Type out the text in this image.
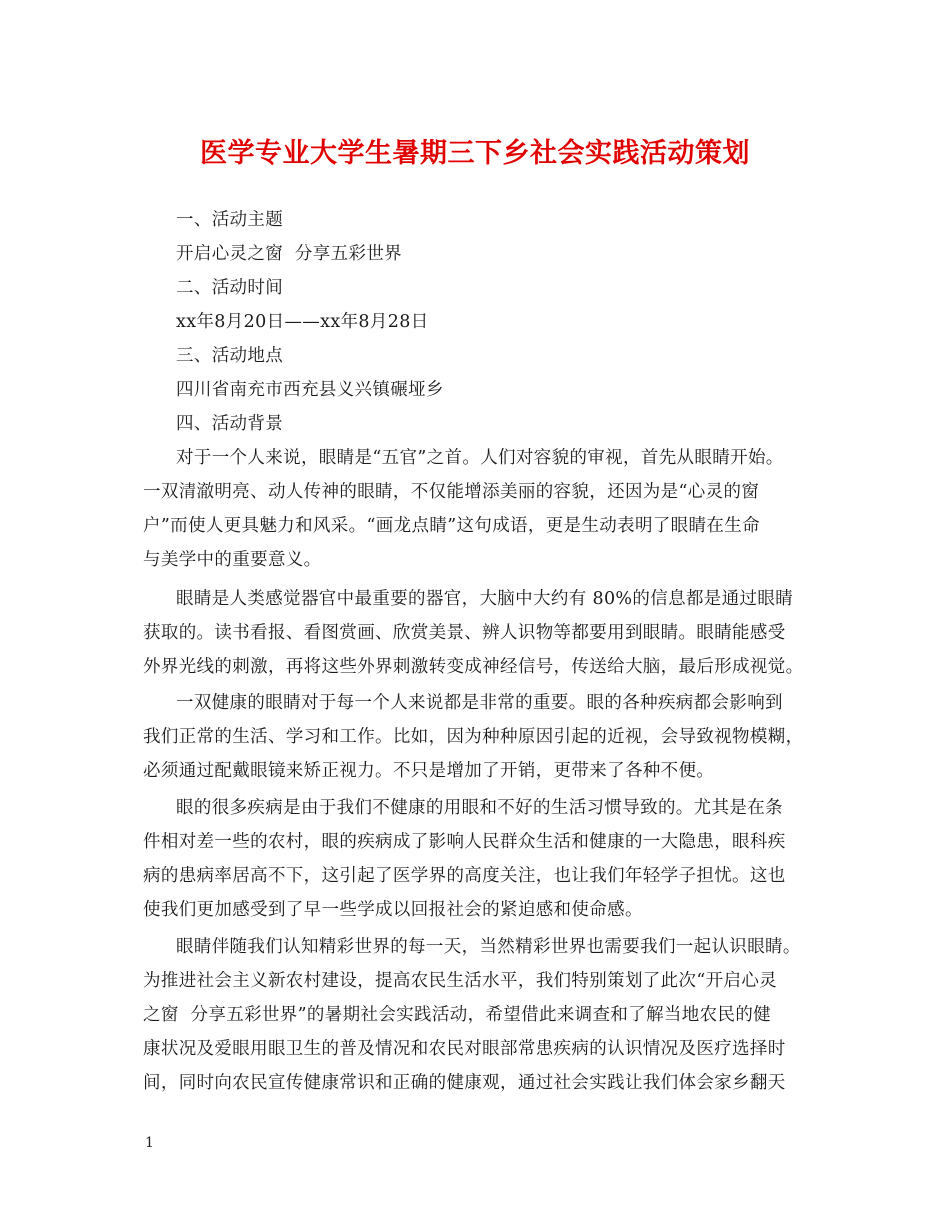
医学专业大学生暑期三下乡社会实践活动策划
一、活动主题
开启心灵之窗  分享五彩世界
二、活动时间
xx年8月20日——xx年8月28日
三、活动地点
四川省南充市西充县义兴镇碾垭乡
四、活动背景
对于一个人来说，眼睛是“五官”之首。人们对容貌的审视，首先从眼睛开始。
一双清澈明亮、动人传神的眼睛，不仅能增添美丽的容貌，还因为是“心灵的窗
户”而使人更具魅力和风采。“画龙点睛”这句成语，更是生动表明了眼睛在生命
与美学中的重要意义。
眼睛是人类感觉器官中最重要的器官，大脑中大约有 80%的信息都是通过眼睛
获取的。读书看报、看图赏画、欣赏美景、辨人识物等都要用到眼睛。眼睛能感受
外界光线的刺激，再将这些外界刺激转变成神经信号，传送给大脑，最后形成视觉。
一双健康的眼睛对于每一个人来说都是非常的重要。眼的各种疾病都会影响到
我们正常的生活、学习和工作。比如，因为种种原因引起的近视，会导致视物模糊，
必须通过配戴眼镜来矫正视力。不只是增加了开销，更带来了各种不便。
眼的很多疾病是由于我们不健康的用眼和不好的生活习惯导致的。尤其是在条
件相对差一些的农村，眼的疾病成了影响人民群众生活和健康的一大隐患，眼科疾
病的患病率居高不下，这引起了医学界的高度关注，也让我们年轻学子担忧。这也
使我们更加感受到了早一些学成以回报社会的紧迫感和使命感。
眼睛伴随我们认知精彩世界的每一天，当然精彩世界也需要我们一起认识眼睛。
为推进社会主义新农村建设，提高农民生活水平，我们特别策划了此次“开启心灵
之窗  分享五彩世界”的暑期社会实践活动，希望借此来调查和了解当地农民的健
康状况及爱眼用眼卫生的普及情况和农民对眼部常患疾病的认识情况及医疗选择时
间，同时向农民宣传健康常识和正确的健康观，通过社会实践让我们体会家乡翻天
1
